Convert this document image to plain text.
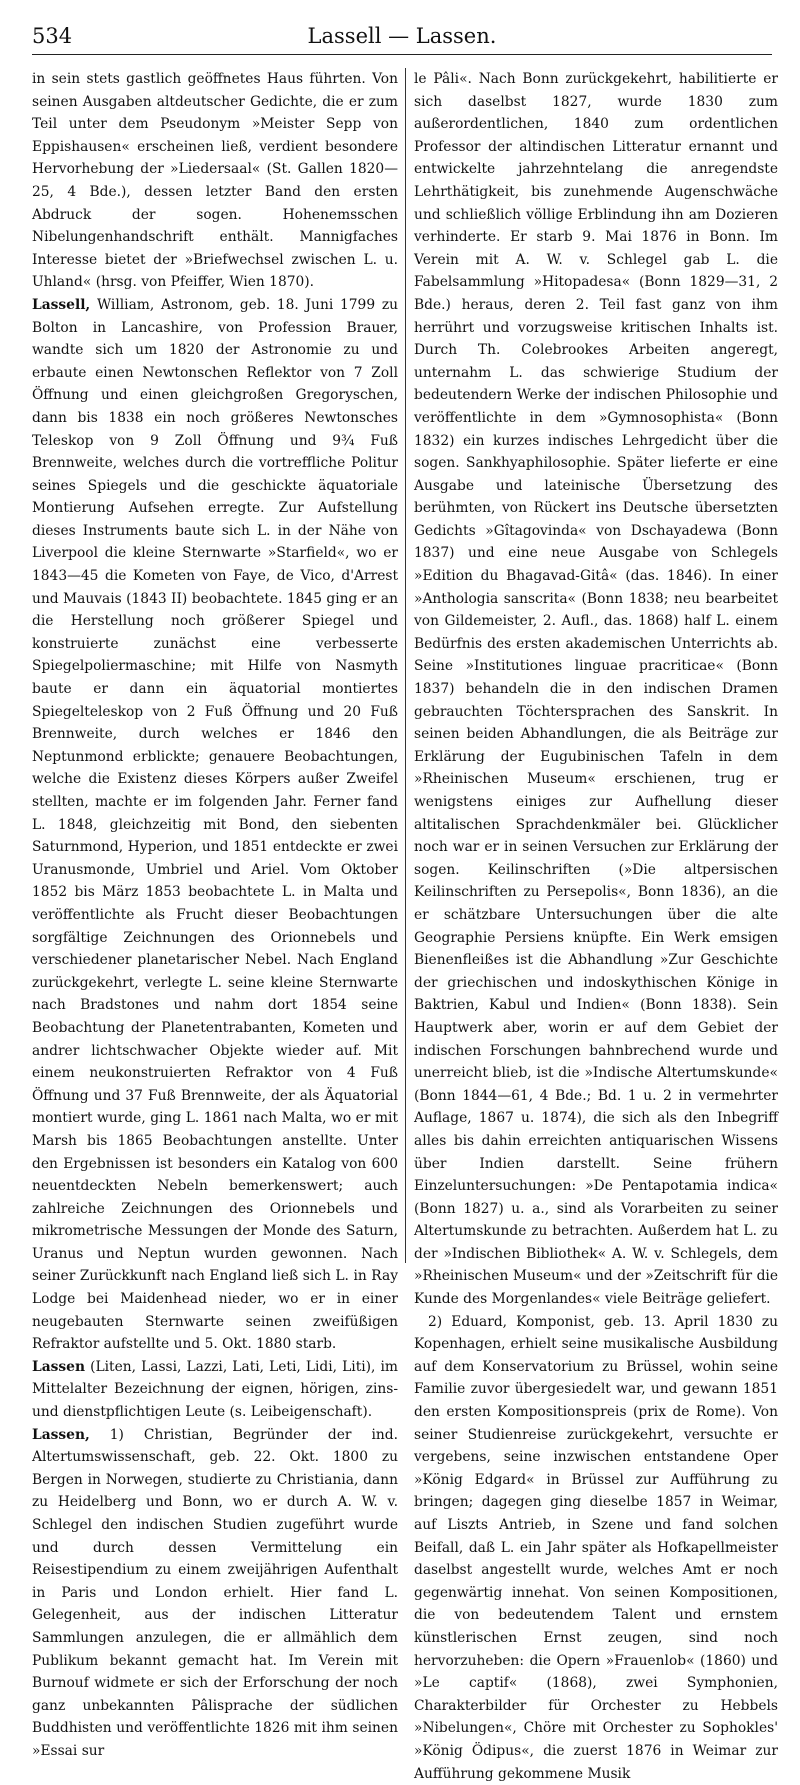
534	Lassell — Lassen.

in sein stets gastlich geöffnetes Haus führten. Von seinen Ausgaben altdeutscher Gedichte, die er zum Teil unter dem Pseudonym »Meister Sepp von Eppishausen« erscheinen ließ, verdient besondere Hervorhebung der »Liedersaal« (St. Gallen 1820—25, 4 Bde.), dessen letzter Band den ersten Abdruck der sogen. Hohenemsschen Nibelungenhandschrift enthält. Mannigfaches Interesse bietet der »Briefwechsel zwischen L. u. Uhland« (hrsg. von Pfeiffer, Wien 1870).

Lassell, William, Astronom, geb. 18. Juni 1799 zu Bolton in Lancashire, von Profession Brauer, wandte sich um 1820 der Astronomie zu und erbaute einen Newtonschen Reflektor von 7 Zoll Öffnung und einen gleichgroßen Gregoryschen, dann bis 1838 ein noch größeres Newtonsches Teleskop von 9 Zoll Öffnung und 9¾ Fuß Brennweite, welches durch die vortreffliche Politur seines Spiegels und die geschickte äquatoriale Montierung Aufsehen erregte. Zur Aufstellung dieses Instruments baute sich L. in der Nähe von Liverpool die kleine Sternwarte »Starfield«, wo er 1843—45 die Kometen von Faye, de Vico, d'Arrest und Mauvais (1843 II) beobachtete. 1845 ging er an die Herstellung noch größerer Spiegel und konstruierte zunächst eine verbesserte Spiegelpoliermaschine; mit Hilfe von Nasmyth baute er dann ein äquatorial montiertes Spiegelteleskop von 2 Fuß Öffnung und 20 Fuß Brennweite, durch welches er 1846 den Neptunmond erblickte; genauere Beobachtungen, welche die Existenz dieses Körpers außer Zweifel stellten, machte er im folgenden Jahr. Ferner fand L. 1848, gleichzeitig mit Bond, den siebenten Saturnmond, Hyperion, und 1851 entdeckte er zwei Uranusmonde, Umbriel und Ariel. Vom Oktober 1852 bis März 1853 beobachtete L. in Malta und veröffentlichte als Frucht dieser Beobachtungen sorgfältige Zeichnungen des Orionnebels und verschiedener planetarischer Nebel. Nach England zurückgekehrt, verlegte L. seine kleine Sternwarte nach Bradstones und nahm dort 1854 seine Beobachtung der Planetentrabanten, Kometen und andrer lichtschwacher Objekte wieder auf. Mit einem neukonstruierten Refraktor von 4 Fuß Öffnung und 37 Fuß Brennweite, der als Äquatorial montiert wurde, ging L. 1861 nach Malta, wo er mit Marsh bis 1865 Beobachtungen anstellte. Unter den Ergebnissen ist besonders ein Katalog von 600 neuentdeckten Nebeln bemerkenswert; auch zahlreiche Zeichnungen des Orionnebels und mikrometrische Messungen der Monde des Saturn, Uranus und Neptun wurden gewonnen. Nach seiner Zurückkunft nach England ließ sich L. in Ray Lodge bei Maidenhead nieder, wo er in einer neugebauten Sternwarte seinen zweifüßigen Refraktor aufstellte und 5. Okt. 1880 starb.

Lassen (Liten, Lassi, Lazzi, Lati, Leti, Lidi, Liti), im Mittelalter Bezeichnung der eignen, hörigen, zins- und dienstpflichtigen Leute (s. Leibeigenschaft).

Lassen, 1) Christian, Begründer der ind. Altertumswissenschaft, geb. 22. Okt. 1800 zu Bergen in Norwegen, studierte zu Christiania, dann zu Heidelberg und Bonn, wo er durch A. W. v. Schlegel den indischen Studien zugeführt wurde und durch dessen Vermittelung ein Reisestipendium zu einem zweijährigen Aufenthalt in Paris und London erhielt. Hier fand L. Gelegenheit, aus der indischen Litteratur Sammlungen anzulegen, die er allmählich dem Publikum bekannt gemacht hat. Im Verein mit Burnouf widmete er sich der Erforschung der noch ganz unbekannten Pâlisprache der südlichen Buddhisten und veröffentlichte 1826 mit ihm seinen »Essai sur

le Pâli«. Nach Bonn zurückgekehrt, habilitierte er sich daselbst 1827, wurde 1830 zum außerordentlichen, 1840 zum ordentlichen Professor der altindischen Litteratur ernannt und entwickelte jahrzehntelang die anregendste Lehrthätigkeit, bis zunehmende Augenschwäche und schließlich völlige Erblindung ihn am Dozieren verhinderte. Er starb 9. Mai 1876 in Bonn. Im Verein mit A. W. v. Schlegel gab L. die Fabelsammlung »Hitopadesa« (Bonn 1829—31, 2 Bde.) heraus, deren 2. Teil fast ganz von ihm herrührt und vorzugsweise kritischen Inhalts ist. Durch Th. Colebrookes Arbeiten angeregt, unternahm L. das schwierige Studium der bedeutendern Werke der indischen Philosophie und veröffentlichte in dem »Gymnosophista« (Bonn 1832) ein kurzes indisches Lehrgedicht über die sogen. Sankhyaphilosophie. Später lieferte er eine Ausgabe und lateinische Übersetzung des berühmten, von Rückert ins Deutsche übersetzten Gedichts »Gîtagovinda« von Dschayadewa (Bonn 1837) und eine neue Ausgabe von Schlegels »Edition du Bhagavad-Gitâ« (das. 1846). In einer »Anthologia sanscrita« (Bonn 1838; neu bearbeitet von Gildemeister, 2. Aufl., das. 1868) half L. einem Bedürfnis des ersten akademischen Unterrichts ab. Seine »Institutiones linguae pracriticae« (Bonn 1837) behandeln die in den indischen Dramen gebrauchten Töchtersprachen des Sanskrit. In seinen beiden Abhandlungen, die als Beiträge zur Erklärung der Eugubinischen Tafeln in dem »Rheinischen Museum« erschienen, trug er wenigstens einiges zur Aufhellung dieser altitalischen Sprachdenkmäler bei. Glücklicher noch war er in seinen Versuchen zur Erklärung der sogen. Keilinschriften (»Die altpersischen Keilinschriften zu Persepolis«, Bonn 1836), an die er schätzbare Untersuchungen über die alte Geographie Persiens knüpfte. Ein Werk emsigen Bienenfleißes ist die Abhandlung »Zur Geschichte der griechischen und indoskythischen Könige in Baktrien, Kabul und Indien« (Bonn 1838). Sein Hauptwerk aber, worin er auf dem Gebiet der indischen Forschungen bahnbrechend wurde und unerreicht blieb, ist die »Indische Altertumskunde« (Bonn 1844—61, 4 Bde.; Bd. 1 u. 2 in vermehrter Auflage, 1867 u. 1874), die sich als den Inbegriff alles bis dahin erreichten antiquarischen Wissens über Indien darstellt. Seine frühern Einzeluntersuchungen: »De Pentapotamia indica« (Bonn 1827) u. a., sind als Vorarbeiten zu seiner Altertumskunde zu betrachten. Außerdem hat L. zu der »Indischen Bibliothek« A. W. v. Schlegels, dem »Rheinischen Museum« und der »Zeitschrift für die Kunde des Morgenlandes« viele Beiträge geliefert.

2) Eduard, Komponist, geb. 13. April 1830 zu Kopenhagen, erhielt seine musikalische Ausbildung auf dem Konservatorium zu Brüssel, wohin seine Familie zuvor übergesiedelt war, und gewann 1851 den ersten Kompositionspreis (prix de Rome). Von seiner Studienreise zurückgekehrt, versuchte er vergebens, seine inzwischen entstandene Oper »König Edgard« in Brüssel zur Aufführung zu bringen; dagegen ging dieselbe 1857 in Weimar, auf Liszts Antrieb, in Szene und fand solchen Beifall, daß L. ein Jahr später als Hofkapellmeister daselbst angestellt wurde, welches Amt er noch gegenwärtig innehat. Von seinen Kompositionen, die von bedeutendem Talent und ernstem künstlerischen Ernst zeugen, sind noch hervorzuheben: die Opern »Frauenlob« (1860) und »Le captif« (1868), zwei Symphonien, Charakterbilder für Orchester zu Hebbels »Nibelungen«, Chöre mit Orchester zu Sophokles' »König Ödipus«, die zuerst 1876 in Weimar zur Aufführung gekommene Musik
